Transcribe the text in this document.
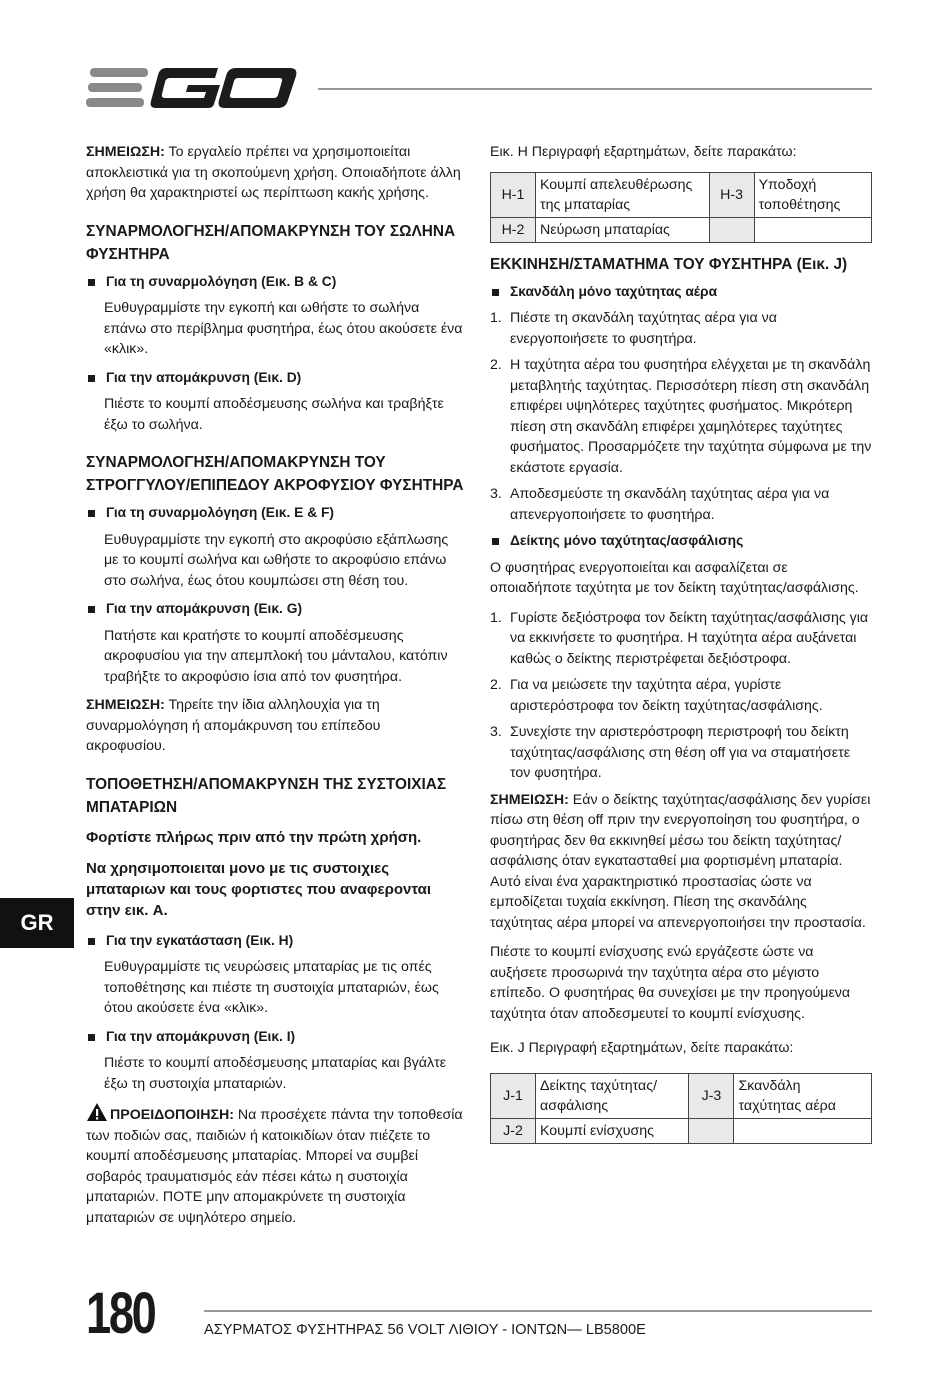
ΣΗΜΕΙΩΣΗ: Το εργαλείο πρέπει να χρησιμοποιείται αποκλειστικά για τη σκοπούμενη χρήση. Οποιαδήποτε άλλη χρήση θα χαρακτηριστεί ως περίπτωση κακής χρήσης.

ΣΥΝΑΡΜΟΛΟΓΗΣΗ/ΑΠΟΜΑΚΡΥΝΣΗ ΤΟΥ ΣΩΛΗΝΑ ΦΥΣΗΤΗΡΑ
Για τη συναρμολόγηση (Εικ. B & C)

Ευθυγραμμίστε την εγκοπή και ωθήστε το σωλήνα επάνω στο περίβλημα φυσητήρα, έως ότου ακούσετε ένα «κλικ».

Για την απομάκρυνση (Εικ. D)

Πιέστε το κουμπί αποδέσμευσης σωλήνα και τραβήξτε έξω το σωλήνα.

ΣΥΝΑΡΜΟΛΟΓΗΣΗ/ΑΠΟΜΑΚΡΥΝΣΗ ΤΟΥ ΣΤΡΟΓΓΥΛΟΥ/ΕΠΙΠΕΔΟΥ ΑΚΡΟΦΥΣΙΟΥ ΦΥΣΗΤΗΡΑ
Για τη συναρμολόγηση (Εικ. E & F)

Ευθυγραμμίστε την εγκοπή στο ακροφύσιο εξάπλωσης με το κουμπί σωλήνα και ωθήστε το ακροφύσιο επάνω στο σωλήνα, έως ότου κουμπώσει στη θέση του.

Για την απομάκρυνση (Εικ. G)

Πατήστε και κρατήστε το κουμπί αποδέσμευσης ακροφυσίου για την απεμπλοκή του μάνταλου, κατόπιν τραβήξτε το ακροφύσιο ίσια από τον φυσητήρα.

ΣΗΜΕΙΩΣΗ: Τηρείτε την ίδια αλληλουχία για τη συναρμολόγηση ή απομάκρυνση του επίπεδου ακροφυσίου.

ΤΟΠΟΘΕΤΗΣΗ/ΑΠΟΜΑΚΡΥΝΣΗ ΤΗΣ ΣΥΣΤΟΙΧΙΑΣ ΜΠΑΤΑΡΙΩΝ
Φορτίστε πλήρως πριν από την πρώτη χρήση.
Να χρησιμοποιειται μονο με τις συστοιχιες μπαταριων και τους φορτιστες που αναφερονται στην εικ. A.
Για την εγκατάσταση (Εικ. H)

Ευθυγραμμίστε τις νευρώσεις μπαταρίας με τις οπές τοποθέτησης και πιέστε τη συστοιχία μπαταριών, έως ότου ακούσετε ένα «κλικ».

Για την απομάκρυνση (Εικ. I)

Πιέστε το κουμπί αποδέσμευσης μπαταρίας και βγάλτε έξω τη συστοιχία μπαταριών.

ΠΡΟΕΙΔΟΠΟΙΗΣΗ: Να προσέχετε πάντα την τοποθεσία των ποδιών σας, παιδιών ή κατοικιδίων όταν πιέζετε το κουμπί αποδέσμευσης μπαταρίας. Μπορεί να συμβεί σοβαρός τραυματισμός εάν πέσει κάτω η συστοιχία μπαταριών. ΠΟΤΕ μην απομακρύνετε τη συστοιχία μπαταριών σε υψηλότερο σημείο.

Εικ. H Περιγραφή εξαρτημάτων, δείτε παρακάτω:

H-1	Κουμπί απελευθέρωσης της μπαταρίας	H-3	Υποδοχή τοποθέτησης
H-2	Νεύρωση μπαταρίας		
ΕΚΚΙΝΗΣΗ/ΣΤΑΜΑΤΗΜΑ ΤΟΥ ΦΥΣΗΤΗΡΑ (Εικ. J)
Σκανδάλη μόνο ταχύτητας αέρα
1. Πιέστε τη σκανδάλη ταχύτητας αέρα για να ενεργοποιήσετε το φυσητήρα.
2. Η ταχύτητα αέρα του φυσητήρα ελέγχεται με τη σκανδάλη μεταβλητής ταχύτητας. Περισσότερη πίεση στη σκανδάλη επιφέρει υψηλότερες ταχύτητες φυσήματος. Μικρότερη πίεση στη σκανδάλη επιφέρει χαμηλότερες ταχύτητες φυσήματος. Προσαρμόζετε την ταχύτητα σύμφωνα με την εκάστοτε εργασία.
3. Αποδεσμεύστε τη σκανδάλη ταχύτητας αέρα για να απενεργοποιήσετε το φυσητήρα.
Δείκτης μόνο ταχύτητας/ασφάλισης

Ο φυσητήρας ενεργοποιείται και ασφαλίζεται σε οποιαδήποτε ταχύτητα με τον δείκτη ταχύτητας/ασφάλισης.

1. Γυρίστε δεξιόστροφα τον δείκτη ταχύτητας/ασφάλισης για να εκκινήσετε το φυσητήρα. Η ταχύτητα αέρα αυξάνεται καθώς ο δείκτης περιστρέφεται δεξιόστροφα.
2. Για να μειώσετε την ταχύτητα αέρα, γυρίστε αριστερόστροφα τον δείκτη ταχύτητας/ασφάλισης.
3. Συνεχίστε την αριστερόστροφη περιστροφή του δείκτη ταχύτητας/ασφάλισης στη θέση off για να σταματήσετε τον φυσητήρα.

ΣΗΜΕΙΩΣΗ: Εάν ο δείκτης ταχύτητας/ασφάλισης δεν γυρίσει πίσω στη θέση off πριν την ενεργοποίηση του φυσητήρα, ο φυσητήρας δεν θα εκκινηθεί μέσω του δείκτη ταχύτητας/ασφάλισης όταν εγκατασταθεί μια φορτισμένη μπαταρία. Αυτό είναι ένα χαρακτηριστικό προστασίας ώστε να εμποδίζεται τυχαία εκκίνηση. Πίεση της σκανδάλης ταχύτητας αέρα μπορεί να απενεργοποιήσει την προστασία.

Πιέστε το κουμπί ενίσχυσης ενώ εργάζεστε ώστε να αυξήσετε προσωρινά την ταχύτητα αέρα στο μέγιστο επίπεδο. Ο φυσητήρας θα συνεχίσει με την προηγούμενα ταχύτητα όταν αποδεσμευτεί το κουμπί ενίσχυσης.

Εικ. J Περιγραφή εξαρτημάτων, δείτε παρακάτω:

J-1	Δείκτης ταχύτητας/ασφάλισης	J-3	Σκανδάλη ταχύτητας αέρα
J-2	Κουμπί ενίσχυσης		
GR
180	ΑΣΥΡΜΑΤΟΣ ΦΥΣΗΤΗΡΑΣ 56 VOLT ΛΙΘΙΟΥ - ΙΟΝΤΩΝ— LB5800E
